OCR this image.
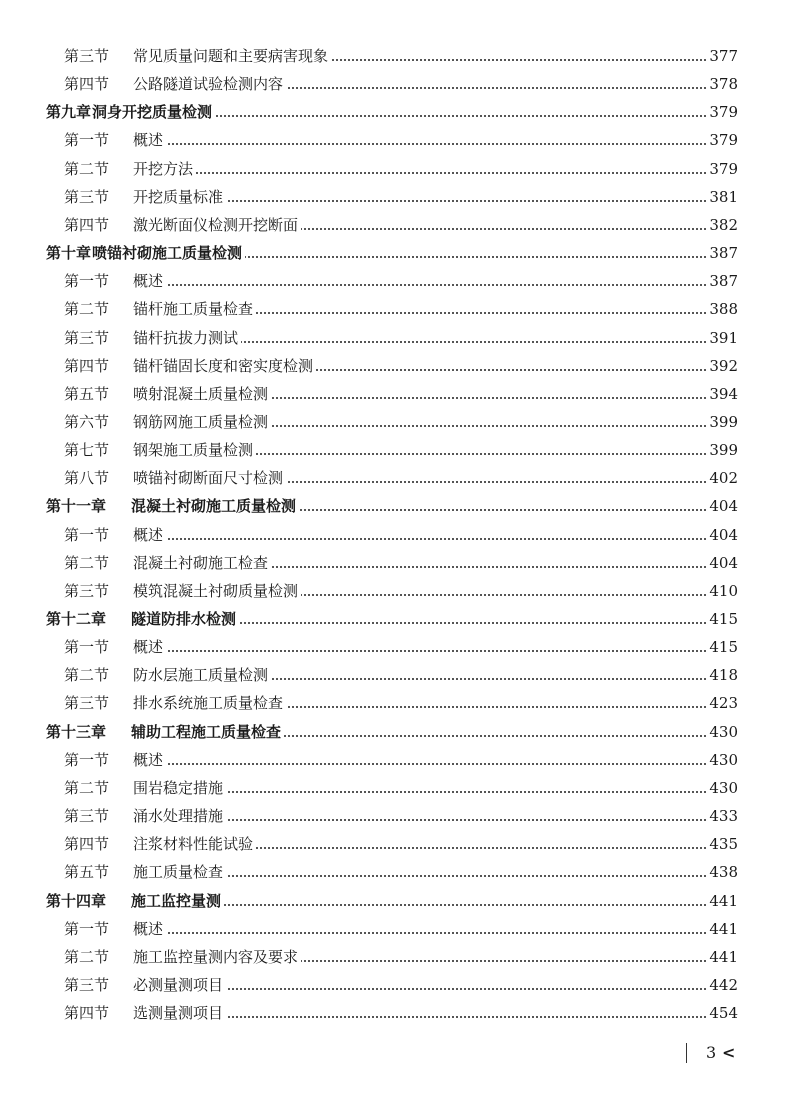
第三节 常见质量问题和主要病害现象	377
第四节 公路隧道试验检测内容	378
第九章 洞身开挖质量检测	379
第一节 概述	379
第二节 开挖方法	379
第三节 开挖质量标准	381
第四节 激光断面仪检测开挖断面	382
第十章 喷锚衬砌施工质量检测	387
第一节 概述	387
第二节 锚杆施工质量检查	388
第三节 锚杆抗拔力测试	391
第四节 锚杆锚固长度和密实度检测	392
第五节 喷射混凝土质量检测	394
第六节 钢筋网施工质量检测	399
第七节 钢架施工质量检测	399
第八节 喷锚衬砌断面尺寸检测	402
第十一章 混凝土衬砌施工质量检测	404
第一节 概述	404
第二节 混凝土衬砌施工检查	404
第三节 模筑混凝土衬砌质量检测	410
第十二章 隧道防排水检测	415
第一节 概述	415
第二节 防水层施工质量检测	418
第三节 排水系统施工质量检查	423
第十三章 辅助工程施工质量检查	430
第一节 概述	430
第二节 围岩稳定措施	430
第三节 涌水处理措施	433
第四节 注浆材料性能试验	435
第五节 施工质量检查	438
第十四章 施工监控量测	441
第一节 概述	441
第二节 施工监控量测内容及要求	441
第三节 必测量测项目	442
第四节 选测量测项目	454
3 <
